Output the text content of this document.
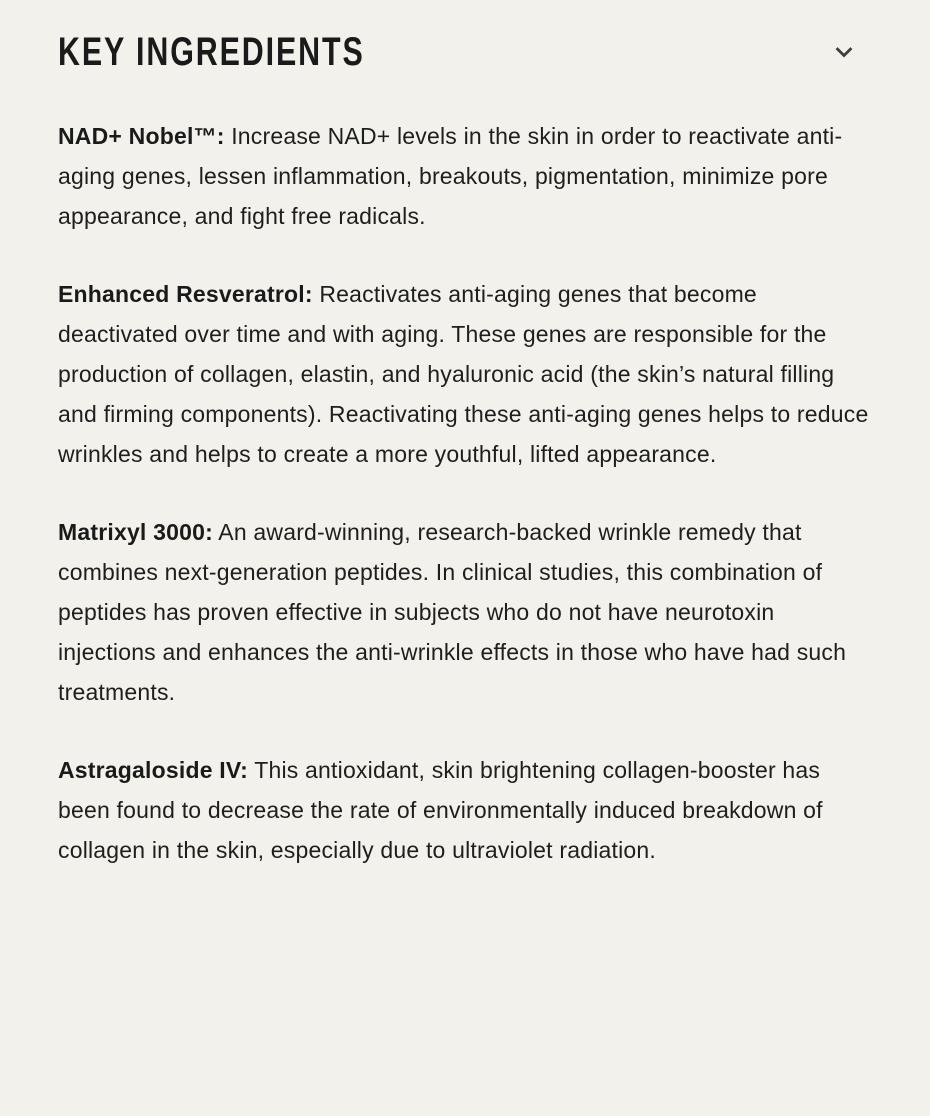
KEY INGREDIENTS

NAD+ Nobel™: Increase NAD+ levels in the skin in order to reactivate anti-aging genes, lessen inflammation, breakouts, pigmentation, minimize pore appearance, and fight free radicals.

Enhanced Resveratrol: Reactivates anti-aging genes that become deactivated over time and with aging. These genes are responsible for the production of collagen, elastin, and hyaluronic acid (the skin’s natural filling and firming components). Reactivating these anti-aging genes helps to reduce wrinkles and helps to create a more youthful, lifted appearance.

Matrixyl 3000: An award-winning, research-backed wrinkle remedy that combines next-generation peptides. In clinical studies, this combination of peptides has proven effective in subjects who do not have neurotoxin injections and enhances the anti-wrinkle effects in those who have had such treatments.

Astragaloside IV: This antioxidant, skin brightening collagen-booster has been found to decrease the rate of environmentally induced breakdown of collagen in the skin, especially due to ultraviolet radiation.
